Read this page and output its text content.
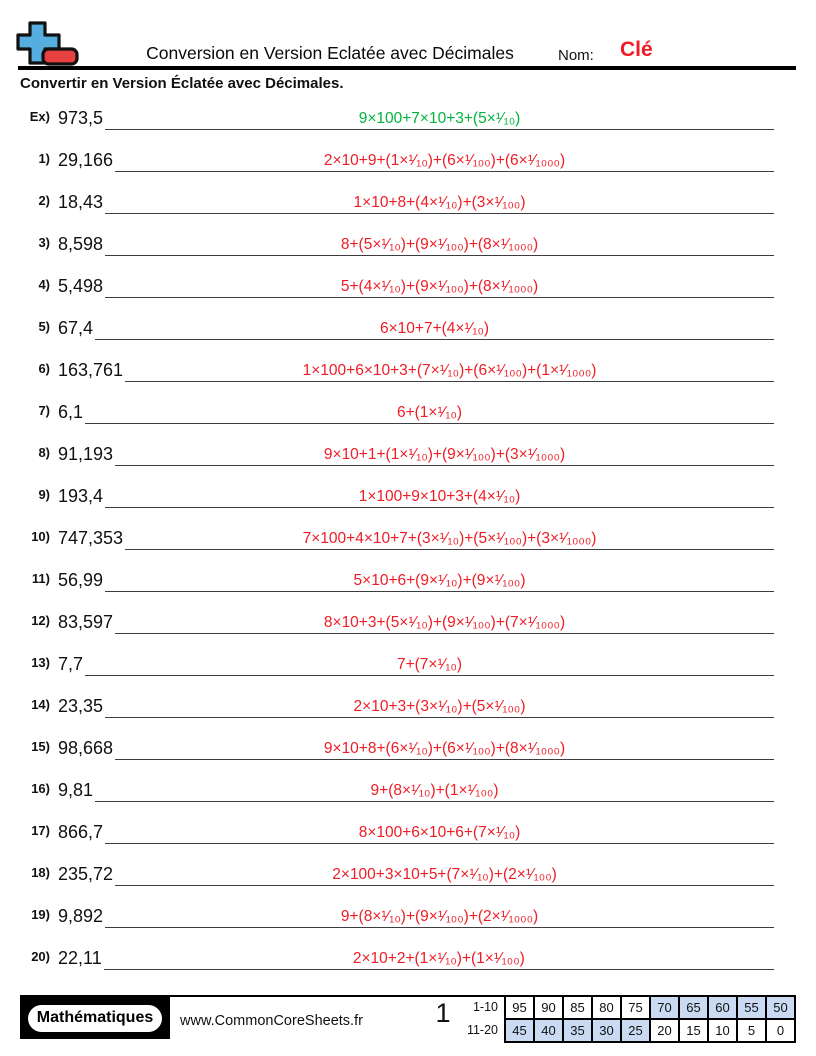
Conversion en Version Eclatée avec Décimales	Nom: Clé
Convertir en Version Éclatée avec Décimales.
Ex) 973,5	9×100+7×10+3+(5×¹⁄₁₀)
1) 29,166	2×10+9+(1×¹⁄₁₀)+(6×¹⁄₁₀₀)+(6×¹⁄₁₀₀₀)
2) 18,43	1×10+8+(4×¹⁄₁₀)+(3×¹⁄₁₀₀)
3) 8,598	8+(5×¹⁄₁₀)+(9×¹⁄₁₀₀)+(8×¹⁄₁₀₀₀)
4) 5,498	5+(4×¹⁄₁₀)+(9×¹⁄₁₀₀)+(8×¹⁄₁₀₀₀)
5) 67,4	6×10+7+(4×¹⁄₁₀)
6) 163,761	1×100+6×10+3+(7×¹⁄₁₀)+(6×¹⁄₁₀₀)+(1×¹⁄₁₀₀₀)
7) 6,1	6+(1×¹⁄₁₀)
8) 91,193	9×10+1+(1×¹⁄₁₀)+(9×¹⁄₁₀₀)+(3×¹⁄₁₀₀₀)
9) 193,4	1×100+9×10+3+(4×¹⁄₁₀)
10) 747,353	7×100+4×10+7+(3×¹⁄₁₀)+(5×¹⁄₁₀₀)+(3×¹⁄₁₀₀₀)
11) 56,99	5×10+6+(9×¹⁄₁₀)+(9×¹⁄₁₀₀)
12) 83,597	8×10+3+(5×¹⁄₁₀)+(9×¹⁄₁₀₀)+(7×¹⁄₁₀₀₀)
13) 7,7	7+(7×¹⁄₁₀)
14) 23,35	2×10+3+(3×¹⁄₁₀)+(5×¹⁄₁₀₀)
15) 98,668	9×10+8+(6×¹⁄₁₀)+(6×¹⁄₁₀₀)+(8×¹⁄₁₀₀₀)
16) 9,81	9+(8×¹⁄₁₀)+(1×¹⁄₁₀₀)
17) 866,7	8×100+6×10+6+(7×¹⁄₁₀)
18) 235,72	2×100+3×10+5+(7×¹⁄₁₀)+(2×¹⁄₁₀₀)
19) 9,892	9+(8×¹⁄₁₀)+(9×¹⁄₁₀₀)+(2×¹⁄₁₀₀₀)
20) 22,11	2×10+2+(1×¹⁄₁₀)+(1×¹⁄₁₀₀)
Mathématiques	www.CommonCoreSheets.fr	1	1-10	95	90	85	80	75	70	65	60	55	50
11-20	45	40	35	30	25	20	15	10	5	0
